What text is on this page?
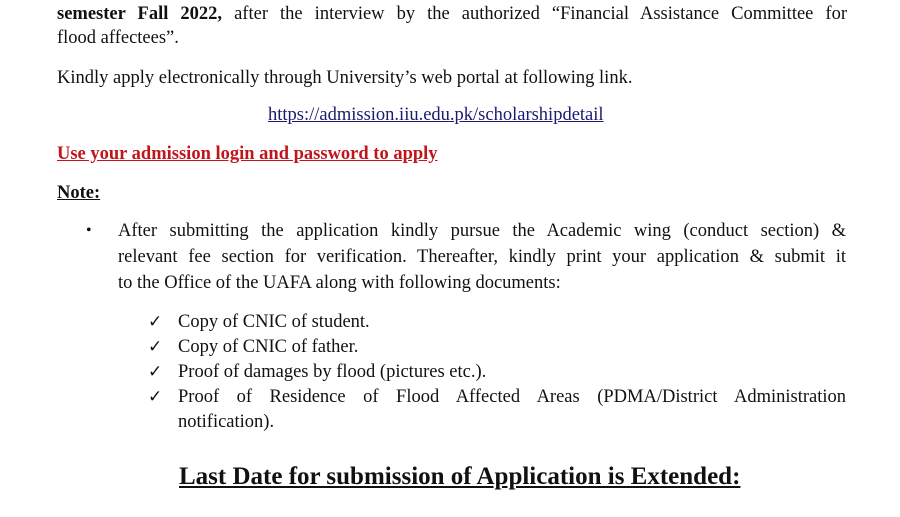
semester Fall 2022, after the interview by the authorized “Financial Assistance Committee for
flood affectees”.
Kindly apply electronically through University’s web portal at following link.
https://admission.iiu.edu.pk/scholarshipdetail
Use your admission login and password to apply
Note:
• After submitting the application kindly pursue the Academic wing (conduct section) &
relevant fee section for verification. Thereafter, kindly print your application & submit it
to the Office of the UAFA along with following documents:
✓ Copy of CNIC of student.
✓ Copy of CNIC of father.
✓ Proof of damages by flood (pictures etc.).
✓ Proof of Residence of Flood Affected Areas (PDMA/District Administration
notification).
Last Date for submission of Application is Extended:
